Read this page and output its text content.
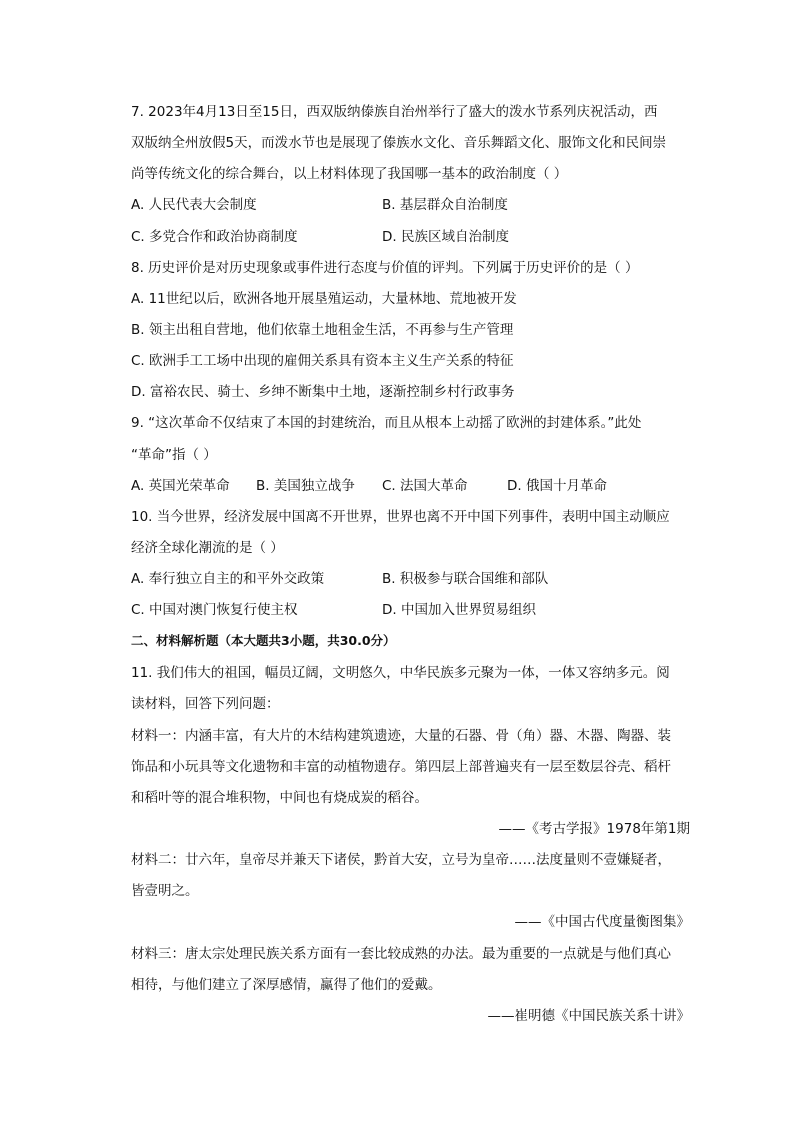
7. 2023年4月13日至15日，西双版纳傣族自治州举行了盛大的泼水节系列庆祝活动，西
双版纳全州放假5天，而泼水节也是展现了傣族水文化、音乐舞蹈文化、服饰文化和民间崇
尚等传统文化的综合舞台，以上材料体现了我国哪一基本的政治制度（ ）
A. 人民代表大会制度	B. 基层群众自治制度
C. 多党合作和政治协商制度	D. 民族区域自治制度
8. 历史评价是对历史现象或事件进行态度与价值的评判。下列属于历史评价的是（ ）
A. 11世纪以后，欧洲各地开展垦殖运动，大量林地、荒地被开发
B. 领主出租自营地，他们依靠土地租金生活，不再参与生产管理
C. 欧洲手工工场中出现的雇佣关系具有资本主义生产关系的特征
D. 富裕农民、骑士、乡绅不断集中土地，逐渐控制乡村行政事务
9. “这次革命不仅结束了本国的封建统治，而且从根本上动摇了欧洲的封建体系。”此处
“革命”指（ ）
A. 英国光荣革命 B. 美国独立战争 C. 法国大革命	D. 俄国十月革命
10. 当今世界，经济发展中国离不开世界，世界也离不开中国下列事件，表明中国主动顺应
经济全球化潮流的是（ ）
A. 奉行独立自主的和平外交政策	B. 积极参与联合国维和部队
C. 中国对澳门恢复行使主权	D. 中国加入世界贸易组织
二、材料解析题（本大题共3小题，共30.0分）
11. 我们伟大的祖国，幅员辽阔，文明悠久，中华民族多元聚为一体，一体又容纳多元。阅
读材料，回答下列问题：
材料一：内涵丰富，有大片的木结构建筑遗迹，大量的石器、骨（角）器、木器、陶器、装
饰品和小玩具等文化遗物和丰富的动植物遗存。第四层上部普遍夹有一层至数层谷壳、稻杆
和稻叶等的混合堆积物，中间也有烧成炭的稻谷。
——《考古学报》1978年第1期
材料二：廿六年，皇帝尽并兼天下诸侯，黔首大安，立号为皇帝……法度量则不壹嫌疑者，
皆壹明之。
——《中国古代度量衡图集》
材料三：唐太宗处理民族关系方面有一套比较成熟的办法。最为重要的一点就是与他们真心
相待，与他们建立了深厚感情，赢得了他们的爱戴。
——崔明德《中国民族关系十讲》
